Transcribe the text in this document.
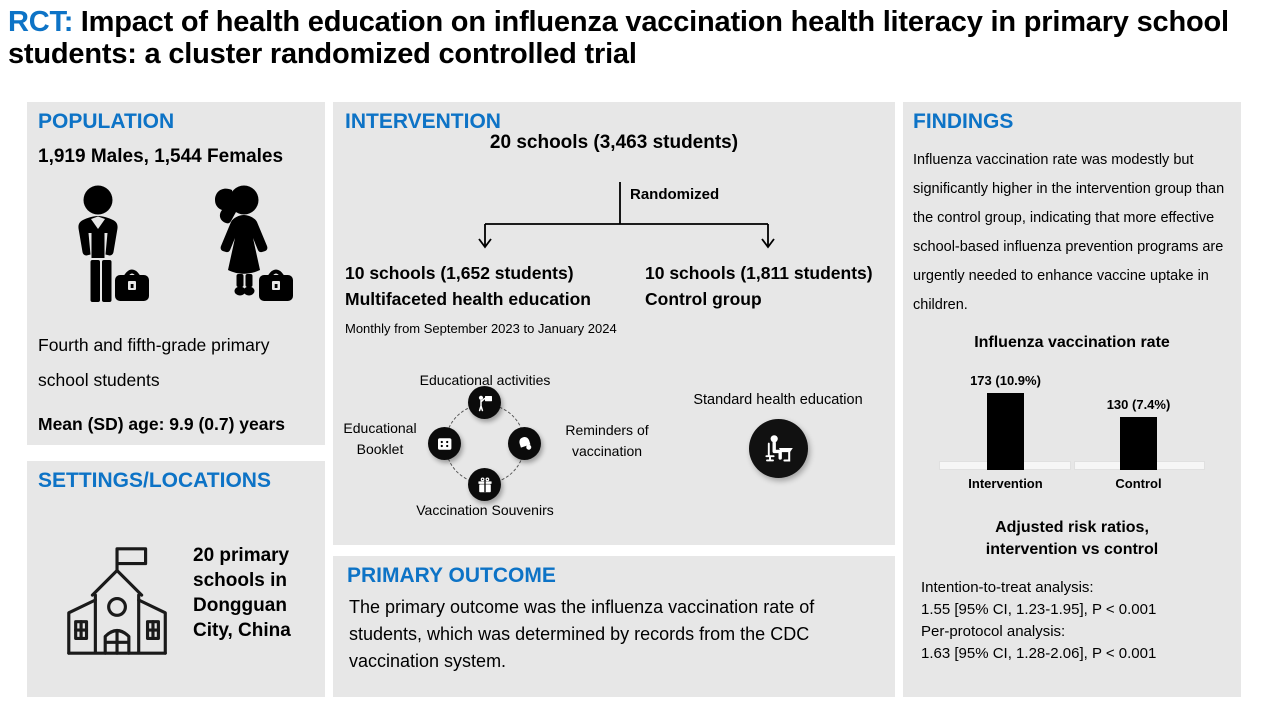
RCT: Impact of health education on influenza vaccination health literacy in primary school students: a cluster randomized controlled trial
POPULATION
1,919 Males, 1,544 Females
Fourth and fifth-grade primary school students
Mean (SD) age: 9.9 (0.7) years
SETTINGS/LOCATIONS
20 primary schools in Dongguan City, China
INTERVENTION
20 schools (3,463 students)
Randomized
10 schools (1,652 students)
Multifaceted health education
10 schools (1,811 students)
Control group
Monthly from September 2023 to January 2024
Educational activities
Educational Booklet
Reminders of vaccination
Vaccination Souvenirs
Standard health education
PRIMARY OUTCOME
The primary outcome was the influenza vaccination rate of students, which was determined by records from the CDC vaccination system.
FINDINGS
Influenza vaccination rate was modestly but significantly higher in the intervention group than the control group, indicating that more effective school-based influenza prevention programs are urgently needed to enhance vaccine uptake in children.
Influenza vaccination rate
173 (10.9%)
130 (7.4%)
Intervention	Control
Adjusted risk ratios,
intervention vs control
Intention-to-treat analysis:
1.55 [95% CI, 1.23-1.95], P < 0.001
Per-protocol analysis:
1.63 [95% CI, 1.28-2.06], P < 0.001
